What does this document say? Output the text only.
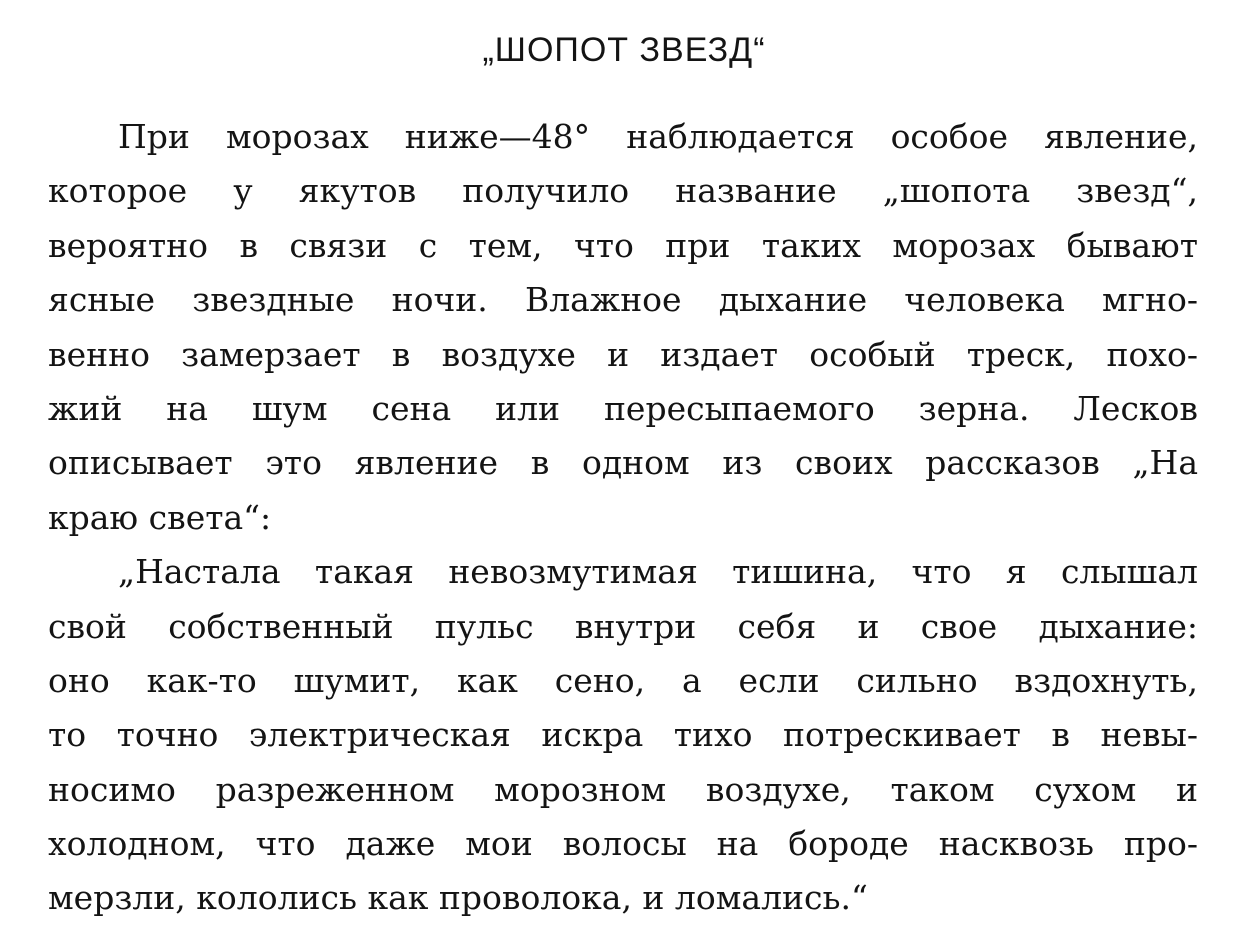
„ШОПОТ ЗВЕЗД“
При морозах ниже—48° наблюдается особое явление,
которое у якутов получило название „шопота звезд“,
вероятно в связи с тем, что при таких морозах бывают
ясные звездные ночи. Влажное дыхание человека мгно-
венно замерзает в воздухе и издает особый треск, похо-
жий на шум сена или пересыпаемого зерна. Лесков
описывает это явление в одном из своих рассказов „На
краю света“:
„Настала такая невозмутимая тишина, что я слышал
свой собственный пульс внутри себя и свое дыхание:
оно как-то шумит, как сено, а если сильно вздохнуть,
то точно электрическая искра тихо потрескивает в невы-
носимо разреженном морозном воздухе, таком сухом и
холодном, что даже мои волосы на бороде насквозь про-
мерзли, кололись как проволока, и ломались.“
